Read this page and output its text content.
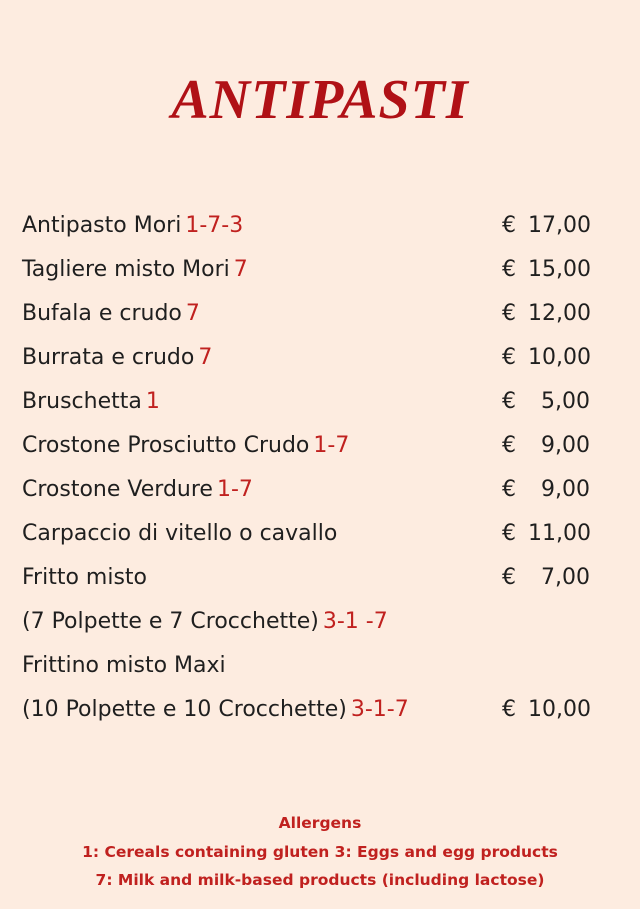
ANTIPASTI
Antipasto Mori 1-7-3	€ 17,00
Tagliere misto Mori 7	€ 15,00
Bufala e crudo 7	€ 12,00
Burrata e crudo 7	€ 10,00
Bruschetta 1	€ 5,00
Crostone Prosciutto Crudo 1-7	€ 9,00
Crostone Verdure 1-7	€ 9,00
Carpaccio di vitello o cavallo	€ 11,00
Fritto misto	€ 7,00
(7 Polpette e 7 Crocchette) 3-1 -7
Frittino misto Maxi
(10 Polpette e 10 Crocchette) 3-1-7	€ 10,00
Allergens
1: Cereals containing gluten 3: Eggs and egg products
7: Milk and milk-based products (including lactose)
